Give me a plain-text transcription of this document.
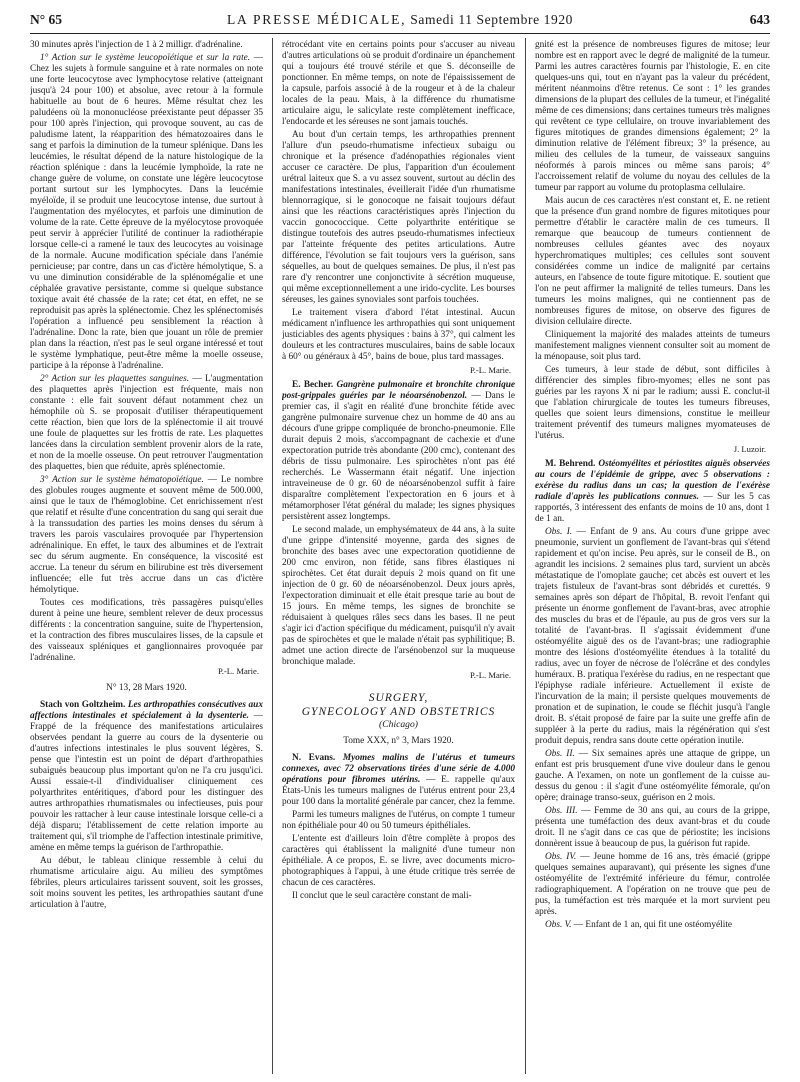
N° 65	LA PRESSE MÉDICALE, Samedi 11 Septembre 1920	643

30 minutes après l'injection de 1 à 2 milligr. d'adrénaline.

1° Action sur le système leucopoïétique et sur la rate. — Chez les sujets à formule sanguine et à rate normales on note une forte leucocytose avec lymphocytose relative (atteignant jusqu'à 24 pour 100) et absolue, avec retour à la formule habituelle au bout de 6 heures. Même résultat chez les paludéens où la mononucléose préexistante peut dépasser 35 pour 100 après l'injection, qui provoque souvent, au cas de paludisme latent, la réapparition des hématozoaires dans le sang et parfois la diminution de la tumeur splénique. Dans les leucémies, le résultat dépend de la nature histologique de la réaction splénique : dans la leucémie lymphoïde, la rate ne change guère de volume, on constate une légère leucocytose portant surtout sur les lymphocytes. Dans la leucémie myéloïde, il se produit une leucocytose intense, due surtout à l'augmentation des myélocytes, et parfois une diminution de volume de la rate. Cette épreuve de la myélocytose provoquée peut servir à apprécier l'utilité de continuer la radiothérapie lorsque celle-ci a ramené le taux des leucocytes au voisinage de la normale. Aucune modification spéciale dans l'anémie pernicieuse; par contre, dans un cas d'ictère hémolytique, S. a vu une diminution considérable de la splénomégalie et une céphalée gravative persistante, comme si quelque substance toxique avait été chassée de la rate; cet état, en effet, ne se reproduisit pas après la splénectomie. Chez les splénectomisés l'opération a influencé peu sensiblement la réaction à l'adrénaline. Donc la rate, bien que jouant un rôle de premier plan dans la réaction, n'est pas le seul organe intéressé et tout le système lymphatique, peut-être même la moelle osseuse, participe à la réponse à l'adrénaline.

2° Action sur les plaquettes sanguines. — L'augmentation des plaquettes après l'injection est fréquente, mais non constante : elle fait souvent défaut notamment chez un hémophile où S. se proposait d'utiliser thérapeutiquement cette réaction, bien que lors de la splénectomie il ait trouvé une foule de plaquettes sur les frottis de rate. Les plaquettes lancées dans la circulation semblent provenir alors de la rate, et non de la moelle osseuse. On peut retrouver l'augmentation des plaquettes, bien que réduite, après splénectomie.

3° Action sur le système hématopoïétique. — Le nombre des globules rouges augmente et souvent même de 500.000, ainsi que le taux de l'hémoglobine. Cet enrichissement n'est que relatif et résulte d'une concentration du sang qui serait due à la transsudation des parties les moins denses du sérum à travers les parois vasculaires provoquée par l'hypertension adrénalinique. En effet, le taux des albumines et de l'extrait sec du sérum augmente. En conséquence, la viscosité est accrue. La teneur du sérum en bilirubine est très diversement influencée; elle fut très accrue dans un cas d'ictère hémolytique.

Toutes ces modifications, très passagères puisqu'elles durent à peine une heure, semblent relever de deux processus différents : la concentration sanguine, suite de l'hypertension, et la contraction des fibres musculaires lisses, de la capsule et des vaisseaux spléniques et ganglionnaires provoquée par l'adrénaline.

P.-L. Marie.

N° 13, 28 Mars 1920.

Stach von Goltzheim. Les arthropathies consécutives aux affections intestinales et spécialement à la dysenterie. — Frappé de la fréquence des manifestations articulaires observées pendant la guerre au cours de la dysenterie ou d'autres infections intestinales le plus souvent légères, S. pense que l'intestin est un point de départ d'arthropathies subaiguës beaucoup plus important qu'on ne l'a cru jusqu'ici. Aussi essaie-t-il d'individualiser cliniquement ces polyarthrites entéritiques, d'abord pour les distinguer des autres arthropathies rhumatismales ou infectieuses, puis pour pouvoir les rattacher à leur cause intestinale lorsque celle-ci a déjà disparu; l'établissement de cette relation importe au traitement qui, s'il triomphe de l'affection intestinale primitive, amène en même temps la guérison de l'arthropathie.

Au début, le tableau clinique ressemble à celui du rhumatisme articulaire aigu. Au milieu des symptômes fébriles, pleurs articulaires tarissent souvent, soit les grosses, soit moins souvent les petites, les arthropathies sautant d'une articulation à l'autre,

rétrocédant vite en certains points pour s'accuser au niveau d'autres articulations où se produit d'ordinaire un épanchement qui a toujours été trouvé stérile et que S. déconseille de ponctionner. En même temps, on note de l'épaississement de la capsule, parfois associé à de la rougeur et à de la chaleur locales de la peau. Mais, à la différence du rhumatisme articulaire aigu, le salicylate reste complètement inefficace, l'endocarde et les séreuses ne sont jamais touchés.

Au bout d'un certain temps, les arthropathies prennent l'allure d'un pseudo-rhumatisme infectieux subaigu ou chronique et la présence d'adénopathies régionales vient accuser ce caractère. De plus, l'apparition d'un écoulement urétral laiteux que S. a vu assez souvent, surtout au déclin des manifestations intestinales, éveillerait l'idée d'un rhumatisme blennorragique, si le gonocoque ne faisait toujours défaut ainsi que les réactions caractéristiques après l'injection du vaccin gonococcique. Cette polyarthrite entéritique se distingue toutefois des autres pseudo-rhumatismes infectieux par l'atteinte fréquente des petites articulations. Autre différence, l'évolution se fait toujours vers la guérison, sans séquelles, au bout de quelques semaines. De plus, il n'est pas rare d'y rencontrer une conjonctivite à sécrétion muqueuse, qui même exceptionnellement a une irido-cyclite. Les bourses séreuses, les gaines synoviales sont parfois touchées.

Le traitement visera d'abord l'état intestinal. Aucun médicament n'influence les arthropathies qui sont uniquement justiciables des agents physiques : bains à 37°, qui calment les douleurs et les contractures musculaires, bains de sable locaux à 60° ou généraux à 45°, bains de boue, plus tard massages.

P.-L. Marie.

E. Becher. Gangrène pulmonaire et bronchite chronique post-grippales guéries par le néoarsénobenzol. — Dans le premier cas, il s'agit en réalité d'une bronchite fétide avec gangrène pulmonaire survenue chez un homme de 40 ans au décours d'une grippe compliquée de broncho-pneumonie. Elle durait depuis 2 mois, s'accompagnant de cachexie et d'une expectoration putride très abondante (200 cmc), contenant des débris de tissu pulmonaire. Les spirochètes n'ont pas été recherchés. Le Wassermann était négatif. Une injection intraveineuse de 0 gr. 60 de néoarsénobenzol suffit à faire disparaître complètement l'expectoration en 6 jours et à métamorphoser l'état général du malade; les signes physiques persistèrent assez longtemps.

Le second malade, un emphysémateux de 44 ans, à la suite d'une grippe d'intensité moyenne, garda des signes de bronchite des bases avec une expectoration quotidienne de 200 cmc environ, non fétide, sans fibres élastiques ni spirochètes. Cet état durait depuis 2 mois quand on fit une injection de 0 gr. 60 de néoarsénobenzol. Deux jours après, l'expectoration diminuait et elle était presque tarie au bout de 15 jours. En même temps, les signes de bronchite se réduisaient à quelques râles secs dans les bases. Il ne peut s'agir ici d'action spécifique du médicament, puisqu'il n'y avait pas de spirochètes et que le malade n'était pas syphilitique; B. admet une action directe de l'arsénobenzol sur la muqueuse bronchique malade.

P.-L. Marie.

SURGERY,

GYNECOLOGY AND OBSTETRICS

(Chicago)

Tome XXX, n° 3, Mars 1920.

N. Evans. Myomes malins de l'utérus et tumeurs connexes, avec 72 observations tirées d'une série de 4.000 opérations pour fibromes utérins. — E. rappelle qu'aux États-Unis les tumeurs malignes de l'utérus entrent pour 23,4 pour 100 dans la mortalité générale par cancer, chez la femme.

Parmi les tumeurs malignes de l'utérus, on compte 1 tumeur non épithéliale pour 40 ou 50 tumeurs épithéliales.

L'entente est d'ailleurs loin d'être complète à propos des caractères qui établissent la malignité d'une tumeur non épithéliale. A ce propos, E. se livre, avec documents micro-photographiques à l'appui, à une étude critique très serrée de chacun de ces caractères.

Il conclut que le seul caractère constant de mali-

gnité est la présence de nombreuses figures de mitose; leur nombre est en rapport avec le degré de malignité de la tumeur. Parmi les autres caractères fournis par l'histologie, E. en cite quelques-uns qui, tout en n'ayant pas la valeur du précédent, méritent néanmoins d'être retenus. Ce sont : 1° les grandes dimensions de la plupart des cellules de la tumeur, et l'inégalité même de ces dimensions; dans certaines tumeurs très malignes qui revêtent ce type cellulaire, on trouve invariablement des figures mitotiques de grandes dimensions également; 2° la diminution relative de l'élément fibreux; 3° la présence, au milieu des cellules de la tumeur, de vaisseaux sanguins néoformés à parois minces ou même sans parois; 4° l'accroissement relatif de volume du noyau des cellules de la tumeur par rapport au volume du protoplasma cellulaire.

Mais aucun de ces caractères n'est constant et, E. ne retient que la présence d'un grand nombre de figures mitotiques pour permettre d'établir le caractère malin de ces tumeurs. Il remarque que beaucoup de tumeurs contiennent de nombreuses cellules géantes avec des noyaux hyperchromatiques multiples; ces cellules sont souvent considérées comme un indice de malignité par certains auteurs, en l'absence de toute figure mitotique. E. soutient que l'on ne peut affirmer la malignité de telles tumeurs. Dans les tumeurs les moins malignes, qui ne contiennent pas de nombreuses figures de mitose, on observe des figures de division cellulaire directe.

Cliniquement la majorité des malades atteints de tumeurs manifestement malignes viennent consulter soit au moment de la ménopause, soit plus tard.

Ces tumeurs, à leur stade de début, sont difficiles à différencier des simples fibro-myomes; elles ne sont pas guéries par les rayons X ni par le radium; aussi E. conclut-il que l'ablation chirurgicale de toutes les tumeurs fibreuses, quelles que soient leurs dimensions, constitue le meilleur traitement préventif des tumeurs malignes myomateuses de l'utérus.

J. Luzoir.

M. Behrend. Ostéomyélites et périostites aiguës observées au cours de l'épidémie de grippe, avec 5 observations : exérèse du radius dans un cas; la question de l'exérèse radiale d'après les publications connues. — Sur les 5 cas rapportés, 3 intéressent des enfants de moins de 10 ans, dont 1 de 1 an.

Obs. I. — Enfant de 9 ans. Au cours d'une grippe avec pneumonie, survient un gonflement de l'avant-bras qui s'étend rapidement et qu'on incise. Peu après, sur le conseil de B., on agrandit les incisions. 2 semaines plus tard, survient un abcès métastatique de l'omoplate gauche; cet abcès est ouvert et les trajets fistuleux de l'avant-bras sont débridés et curettés. 9 semaines après son départ de l'hôpital, B. revoit l'enfant qui présente un énorme gonflement de l'avant-bras, avec atrophie des muscles du bras et de l'épaule, au pus de gros vers sur la totalité de l'avant-bras. Il s'agissait évidemment d'une ostéomyélite aiguë des os de l'avant-bras; une radiographie montre des lésions d'ostéomyélite étendues à la totalité du radius, avec un foyer de nécrose de l'olécrâne et des condyles huméraux. B. pratiqua l'exérèse du radius, en ne respectant que l'épiphyse radiale inférieure. Actuellement il existe de l'incurvation de la main; il persiste quelques mouvements de pronation et de supination, le coude se fléchit jusqu'à l'angle droit. B. s'était proposé de faire par la suite une greffe afin de suppléer à la perte du radius, mais la régénération qui s'est produit depuis, rendra sans doute cette opération inutile.

Obs. II. — Six semaines après une attaque de grippe, un enfant est pris brusquement d'une vive douleur dans le genou gauche. A l'examen, on note un gonflement de la cuisse au-dessus du genou : il s'agit d'une ostéomyélite fémorale, qu'on opère; drainage transo-seux, guérison en 2 mois.

Obs. III. — Femme de 30 ans qui, au cours de la grippe, présenta une tuméfaction des deux avant-bras et du coude droit. Il ne s'agit dans ce cas que de périostite; les incisions donnèrent issue à beaucoup de pus, la guérison fut rapide.

Obs. IV. — Jeune homme de 16 ans, très émacié (grippe quelques semaines auparavant), qui présente les signes d'une ostéomyélite de l'extrémité inférieure du fémur, controlée radiographiquement. A l'opération on ne trouve que peu de pus, la tuméfaction est très marquée et la mort survient peu après.

Obs. V. — Enfant de 1 an, qui fit une ostéomyélite
